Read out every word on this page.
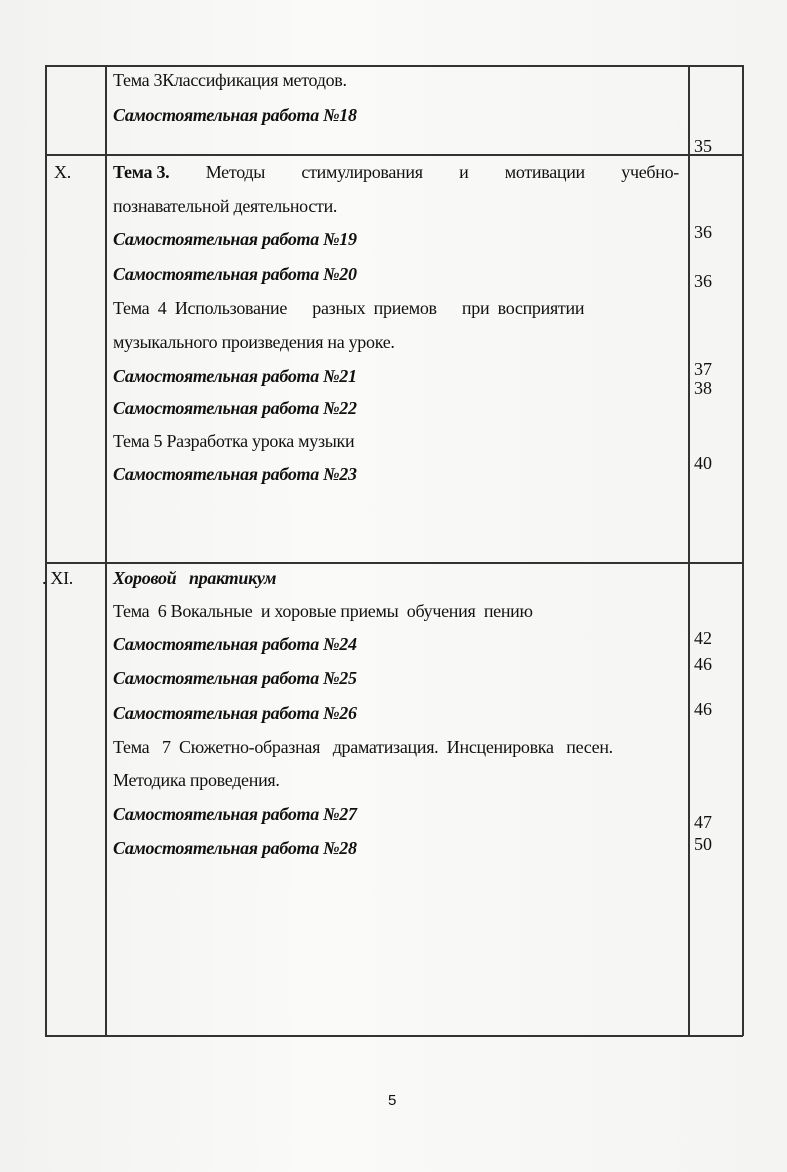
Тема 3Классификация методов.
Самостоятельная работа №18
35
X. Тема 3. Методы стимулирования и мотивации учебно-
познавательной деятельности.
Самостоятельная работа №19
Самостоятельная работа №20
Тема  4  Использование      разных  приемов      при  восприятии
музыкального произведения на уроке.
Самостоятельная работа №21
Самостоятельная работа №22
Тема 5 Разработка урока музыки
Самостоятельная работа №23
36
36
37
38
40
. XI. Хоровой   практикум
Тема  6 Вокальные  и хоровые приемы  обучения  пению
Самостоятельная работа №24
Самостоятельная работа №25
Самостоятельная работа №26
Тема   7  Сюжетно-образная   драматизация.  Инсценировка   песен.
Методика проведения.
Самостоятельная работа №27
Самостоятельная работа №28
42
46
46
47
50
5
